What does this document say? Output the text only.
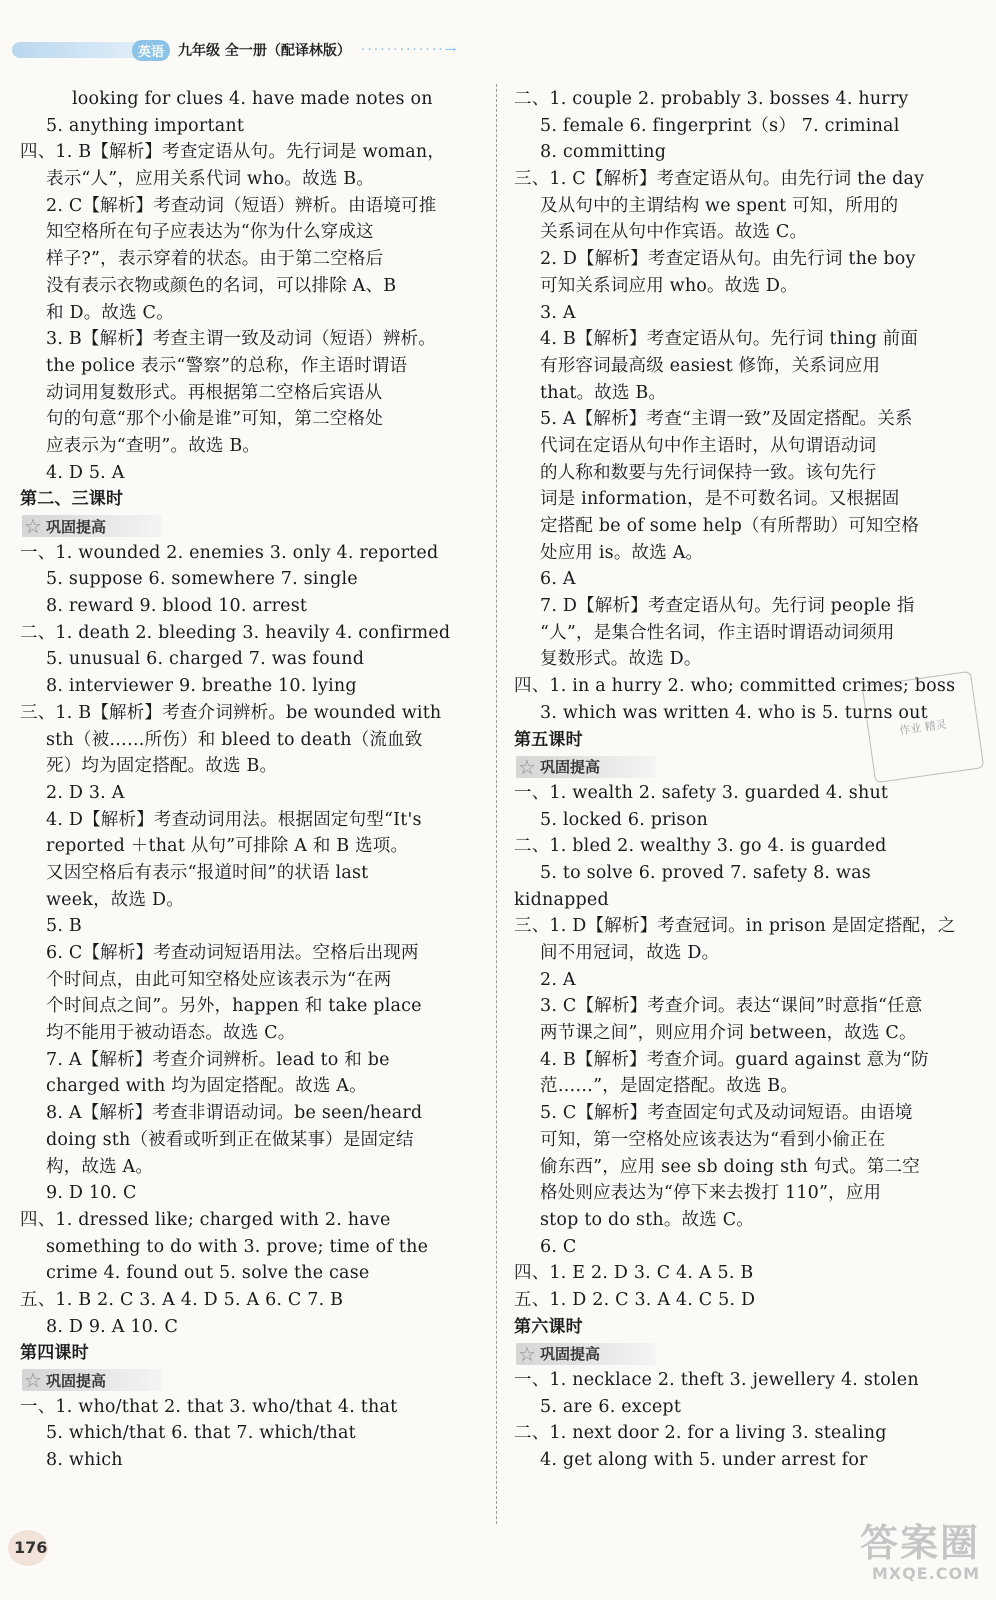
英语	九年级 全一册（配译林版） ·············→
looking for clues 4. have made notes on
5. anything important
四、1. B【解析】考查定语从句。先行词是 woman，
表示“人”，应用关系代词 who。故选 B。
2. C【解析】考查动词（短语）辨析。由语境可推
知空格所在句子应表达为“你为什么穿成这
样子?”，表示穿着的状态。由于第二空格后
没有表示衣物或颜色的名词，可以排除 A、B
和 D。故选 C。
3. B【解析】考查主谓一致及动词（短语）辨析。
the police 表示“警察”的总称，作主语时谓语
动词用复数形式。再根据第二空格后宾语从
句的句意“那个小偷是谁”可知，第二空格处
应表示为“查明”。故选 B。
4. D 5. A
第二、三课时
☆ 巩固提高
一、1. wounded 2. enemies 3. only 4. reported
5. suppose 6. somewhere 7. single
8. reward 9. blood 10. arrest
二、1. death 2. bleeding 3. heavily 4. confirmed
5. unusual 6. charged 7. was found
8. interviewer 9. breathe 10. lying
三、1. B【解析】考查介词辨析。be wounded with
sth（被……所伤）和 bleed to death（流血致
死）均为固定搭配。故选 B。
2. D 3. A
4. D【解析】考查动词用法。根据固定句型“It's
reported ＋that 从句”可排除 A 和 B 选项。
又因空格后有表示“报道时间”的状语 last
week，故选 D。
5. B
6. C【解析】考查动词短语用法。空格后出现两
个时间点，由此可知空格处应该表示为“在两
个时间点之间”。另外，happen 和 take place
均不能用于被动语态。故选 C。
7. A【解析】考查介词辨析。lead to 和 be
charged with 均为固定搭配。故选 A。
8. A【解析】考查非谓语动词。be seen/heard
doing sth（被看或听到正在做某事）是固定结
构，故选 A。
9. D 10. C
四、1. dressed like; charged with 2. have
something to do with 3. prove; time of the
crime 4. found out 5. solve the case
五、1. B 2. C 3. A 4. D 5. A 6. C 7. B
8. D 9. A 10. C
第四课时
☆ 巩固提高
一、1. who/that 2. that 3. who/that 4. that
5. which/that 6. that 7. which/that
8. which
二、1. couple 2. probably 3. bosses 4. hurry
5. female 6. fingerprint（s） 7. criminal
8. committing
三、1. C【解析】考查定语从句。由先行词 the day
及从句中的主谓结构 we spent 可知，所用的
关系词在从句中作宾语。故选 C。
2. D【解析】考查定语从句。由先行词 the boy
可知关系词应用 who。故选 D。
3. A
4. B【解析】考查定语从句。先行词 thing 前面
有形容词最高级 easiest 修饰，关系词应用
that。故选 B。
5. A【解析】考查“主谓一致”及固定搭配。关系
代词在定语从句中作主语时，从句谓语动词
的人称和数要与先行词保持一致。该句先行
词是 information，是不可数名词。又根据固
定搭配 be of some help（有所帮助）可知空格
处应用 is。故选 A。
6. A
7. D【解析】考查定语从句。先行词 people 指
“人”，是集合性名词，作主语时谓语动词须用
复数形式。故选 D。
四、1. in a hurry 2. who; committed crimes; boss
3. which was written 4. who is 5. turns out
第五课时
☆ 巩固提高
一、1. wealth 2. safety 3. guarded 4. shut
5. locked 6. prison
二、1. bled 2. wealthy 3. go 4. is guarded
5. to solve 6. proved 7. safety 8. was
kidnapped
三、1. D【解析】考查冠词。in prison 是固定搭配，之
间不用冠词，故选 D。
2. A
3. C【解析】考查介词。表达“课间”时意指“任意
两节课之间”，则应用介词 between，故选 C。
4. B【解析】考查介词。guard against 意为“防
范……”，是固定搭配。故选 B。
5. C【解析】考查固定句式及动词短语。由语境
可知，第一空格处应该表达为“看到小偷正在
偷东西”，应用 see sb doing sth 句式。第二空
格处则应表达为“停下来去拨打 110”，应用
stop to do sth。故选 C。
6. C
四、1. E 2. D 3. C 4. A 5. B
五、1. D 2. C 3. A 4. C 5. D
第六课时
☆ 巩固提高
一、1. necklace 2. theft 3. jewellery 4. stolen
5. are 6. except
二、1. next door 2. for a living 3. stealing
4. get along with 5. under arrest for
作业 精灵
176	答案圈
MXQE.COM
